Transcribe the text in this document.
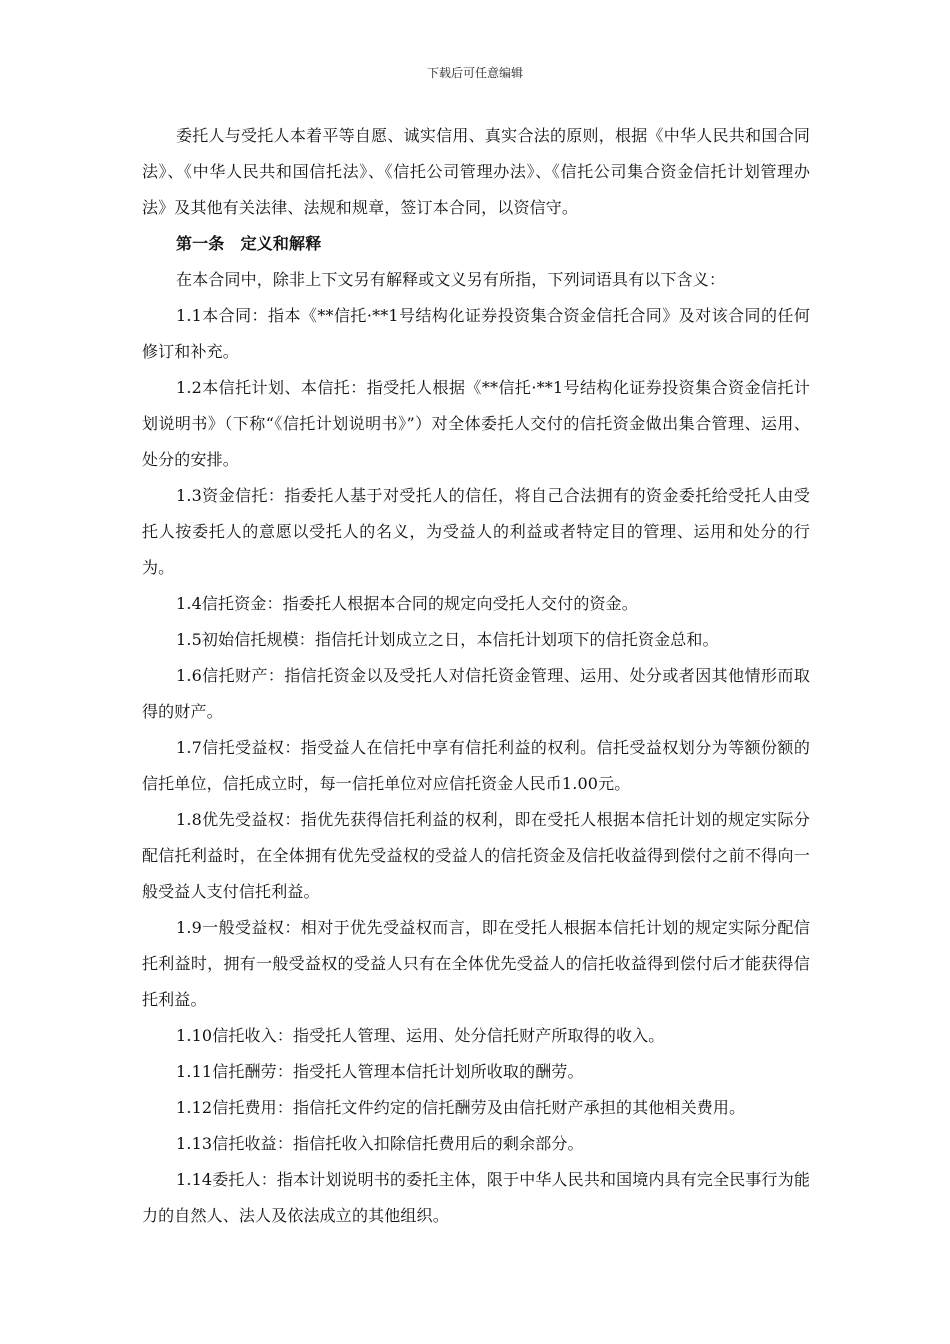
下载后可任意编辑

委托人与受托人本着平等自愿、诚实信用、真实合法的原则，根据《中华人民共和国合同法》、《中华人民共和国信托法》、《信托公司管理办法》、《信托公司集合资金信托计划管理办法》及其他有关法律、法规和规章，签订本合同，以资信守。

第一条　定义和解释

在本合同中，除非上下文另有解释或文义另有所指，下列词语具有以下含义：

1.1本合同：指本《**信托·**1号结构化证券投资集合资金信托合同》及对该合同的任何修订和补充。

1.2本信托计划、本信托：指受托人根据《**信托·**1号结构化证券投资集合资金信托计划说明书》（下称“《信托计划说明书》”）对全体委托人交付的信托资金做出集合管理、运用、处分的安排。

1.3资金信托：指委托人基于对受托人的信任，将自己合法拥有的资金委托给受托人由受托人按委托人的意愿以受托人的名义，为受益人的利益或者特定目的管理、运用和处分的行为。

1.4信托资金：指委托人根据本合同的规定向受托人交付的资金。

1.5初始信托规模：指信托计划成立之日，本信托计划项下的信托资金总和。

1.6信托财产：指信托资金以及受托人对信托资金管理、运用、处分或者因其他情形而取得的财产。

1.7信托受益权：指受益人在信托中享有信托利益的权利。信托受益权划分为等额份额的信托单位，信托成立时，每一信托单位对应信托资金人民币1.00元。

1.8优先受益权：指优先获得信托利益的权利，即在受托人根据本信托计划的规定实际分配信托利益时，在全体拥有优先受益权的受益人的信托资金及信托收益得到偿付之前不得向一般受益人支付信托利益。

1.9一般受益权：相对于优先受益权而言，即在受托人根据本信托计划的规定实际分配信托利益时，拥有一般受益权的受益人只有在全体优先受益人的信托收益得到偿付后才能获得信托利益。

1.10信托收入：指受托人管理、运用、处分信托财产所取得的收入。

1.11信托酬劳：指受托人管理本信托计划所收取的酬劳。

1.12信托费用：指信托文件约定的信托酬劳及由信托财产承担的其他相关费用。

1.13信托收益：指信托收入扣除信托费用后的剩余部分。

1.14委托人：指本计划说明书的委托主体，限于中华人民共和国境内具有完全民事行为能力的自然人、法人及依法成立的其他组织。
